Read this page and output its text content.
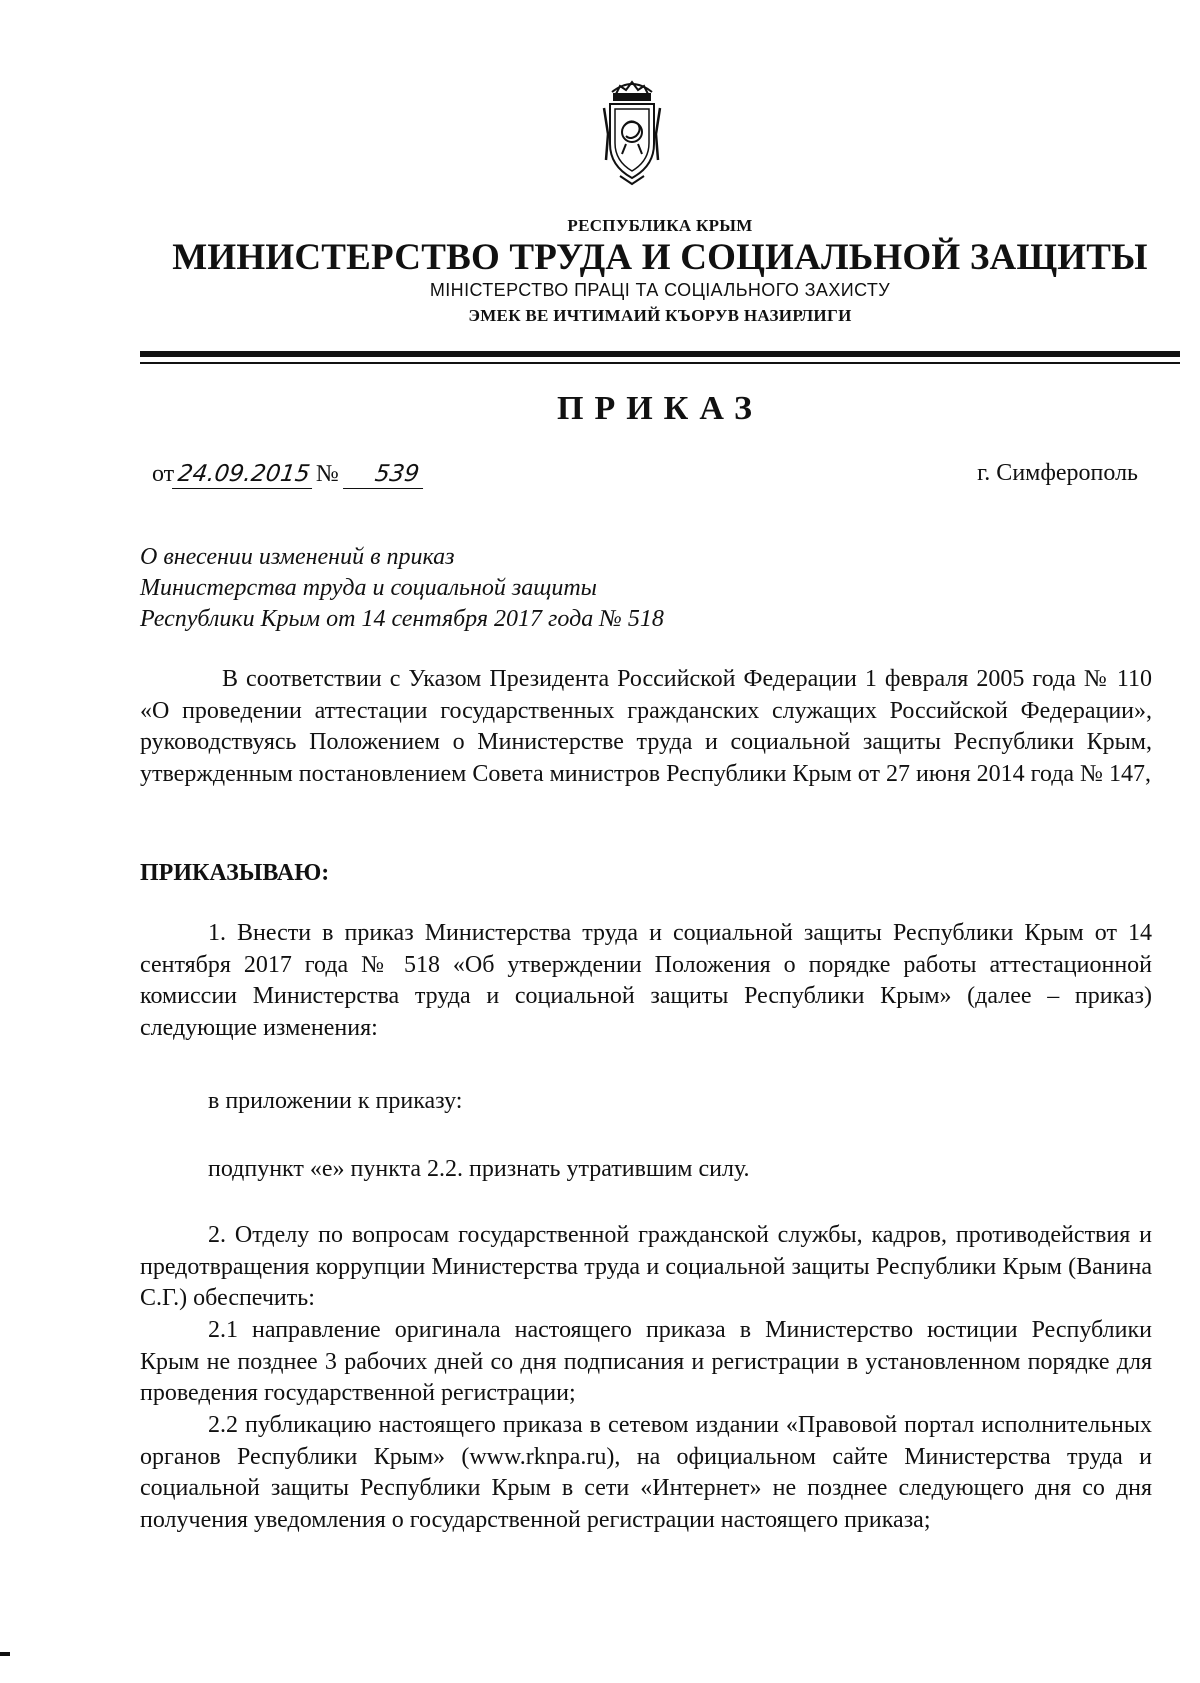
РЕСПУБЛИКА КРЫМ
МИНИСТЕРСТВО ТРУДА И СОЦИАЛЬНОЙ ЗАЩИТЫ
МІНІСТЕРСТВО ПРАЦІ ТА СОЦІАЛЬНОГО ЗАХИСТУ
ЭМЕК ВЕ ИЧТИМАИЙ КЪОРУВ НАЗИРЛИГИ
ПРИКАЗ
от24.09.2015 № 539	г. Симферополь
О внесении изменений в приказ
Министерства труда и социальной защиты
Республики Крым от 14 сентября 2017 года № 518
В соответствии с Указом Президента Российской Федерации 1 февраля 2005 года № 110 «О проведении аттестации государственных гражданских служащих Российской Федерации», руководствуясь Положением о Министерстве труда и социальной защиты Республики Крым, утвержденным постановлением Совета министров Республики Крым от 27 июня 2014 года № 147,
ПРИКАЗЫВАЮ:
1. Внести в приказ Министерства труда и социальной защиты Республики Крым от 14 сентября 2017 года № 518 «Об утверждении Положения о порядке работы аттестационной комиссии Министерства труда и социальной защиты Республики Крым» (далее – приказ) следующие изменения:
в приложении к приказу:
подпункт «е» пункта 2.2. признать утратившим силу.
2. Отделу по вопросам государственной гражданской службы, кадров, противодействия и предотвращения коррупции Министерства труда и социальной защиты Республики Крым (Ванина С.Г.) обеспечить:
2.1 направление оригинала настоящего приказа в Министерство юстиции Республики Крым не позднее 3 рабочих дней со дня подписания и регистрации в установленном порядке для проведения государственной регистрации;
2.2 публикацию настоящего приказа в сетевом издании «Правовой портал исполнительных органов Республики Крым» (www.rknpa.ru), на официальном сайте Министерства труда и социальной защиты Республики Крым в сети «Интернет» не позднее следующего дня со дня получения уведомления о государственной регистрации настоящего приказа;
